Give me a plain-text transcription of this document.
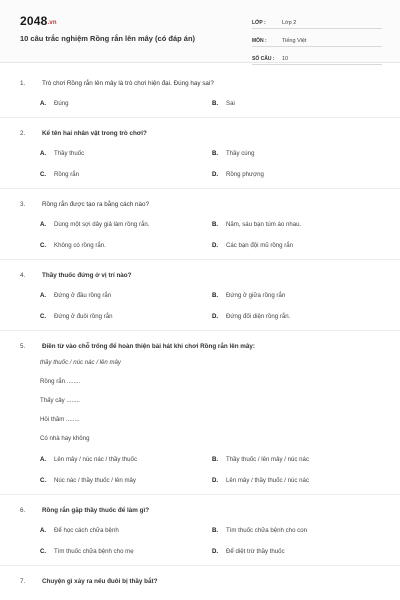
2048.vn
10 câu trắc nghiệm Rồng rắn lên mây (có đáp án)
LỚP :	Lớp 2
MÔN :	Tiếng Việt
SỐ CÂU :	10
1.	Trò chơi Rồng rắn lên mây là trò chơi hiện đại. Đúng hay sai?
A.	Đúng	B.	Sai
2.	Kể tên hai nhân vật trong trò chơi?
A.	Thầy thuốc	B.	Thầy cúng
C.	Rồng rắn	D.	Rồng phượng
3.	Rồng rắn được tạo ra bằng cách nào?
A.	Dùng một sợi dây giả làm rồng rắn.	B.	Năm, sáu bạn túm áo nhau.
C.	Không có rồng rắn.	D.	Các bạn đội mũ rồng rắn
4.	Thầy thuốc đứng ở vị trí nào?
A.	Đứng ở đầu rồng rắn	B.	Đứng ở giữa rồng rắn
C.	Đứng ở đuôi rồng rắn	D.	Đứng đối diện rồng rắn.
5.	Điền từ vào chỗ trống để hoàn thiện bài hát khi chơi Rồng rắn lên mây:
thầy thuốc / núc nác / lên mây
Rồng rắn ........
Thấy cây ........
Hỏi thăm ........
Có nhà hay không
A.	Lên mây / núc nác / thầy thuốc	B.	Thầy thuốc / lên mây / núc nác
C.	Núc nác / thầy thuốc / lên mây	D.	Lên mây / thầy thuốc / núc nác
6.	Rồng rắn gặp thầy thuốc để làm gì?
A.	Để học cách chữa bệnh	B.	Tìm thuốc chữa bệnh cho con
C.	Tìm thuốc chữa bệnh cho mẹ	D.	Để diệt trừ thầy thuốc
7.	Chuyện gì xảy ra nếu đuôi bị thầy bắt?
